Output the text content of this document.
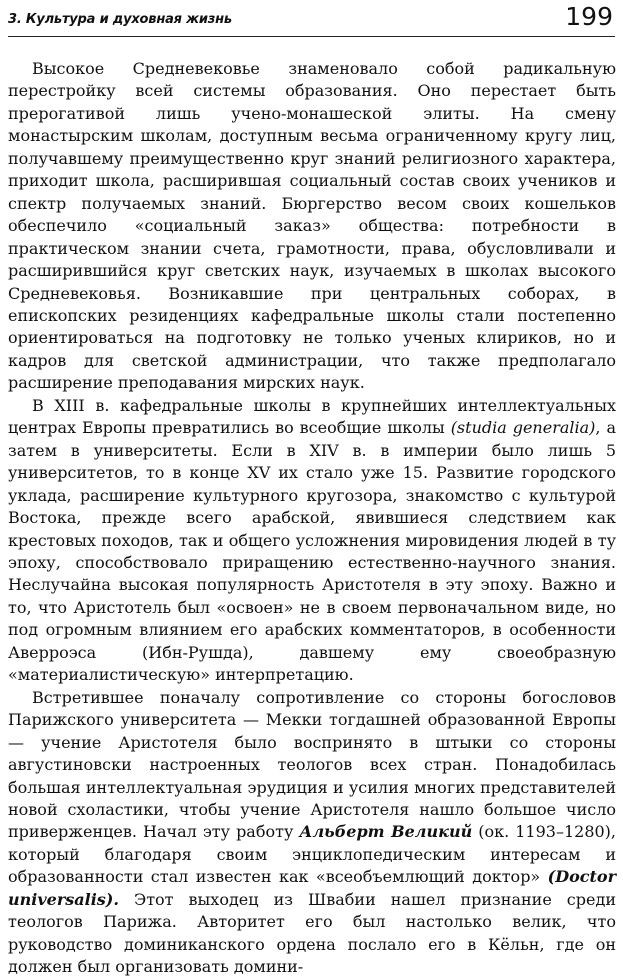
3. Культура и духовная жизнь	199

Высокое Средневековье знаменовало собой радикальную перестройку всей системы образования. Оно перестает быть прерогативой лишь учено-монашеской элиты. На смену монастырским школам, доступным весьма ограниченному кругу лиц, получавшему преимущественно круг знаний религиозного характера, приходит школа, расширившая социальный состав своих учеников и спектр получаемых знаний. Бюргерство весом своих кошельков обеспечило «социальный заказ» общества: потребности в практическом знании счета, грамотности, права, обусловливали и расширившийся круг светских наук, изучаемых в школах высокого Средневековья. Возникавшие при центральных соборах, в епископских резиденциях кафедральные школы стали постепенно ориентироваться на подготовку не только ученых клириков, но и кадров для светской администрации, что также предполагало расширение преподавания мирских наук.

В XIII в. кафедральные школы в крупнейших интеллектуальных центрах Европы превратились во всеобщие школы (studia generalia), а затем в университеты. Если в XIV в. в империи было лишь 5 университетов, то в конце XV их стало уже 15. Развитие городского уклада, расширение культурного кругозора, знакомство с культурой Востока, прежде всего арабской, явившиеся следствием как крестовых походов, так и общего усложнения мировидения людей в ту эпоху, способствовало приращению естественно-научного знания. Неслучайна высокая популярность Аристотеля в эту эпоху. Важно и то, что Аристотель был «освоен» не в своем первоначальном виде, но под огромным влиянием его арабских комментаторов, в особенности Аверроэса (Ибн-Рушда), давшему ему своеобразную «материалистическую» интерпретацию.

Встретившее поначалу сопротивление со стороны богословов Парижского университета — Мекки тогдашней образованной Европы — учение Аристотеля было воспринято в штыки со стороны августиновски настроенных теологов всех стран. Понадобилась большая интеллектуальная эрудиция и усилия многих представителей новой схоластики, чтобы учение Аристотеля нашло большое число приверженцев. Начал эту работу Альберт Великий (ок. 1193–1280), который благодаря своим энциклопедическим интересам и образованности стал известен как «всеобъемлющий доктор» (Doctor universalis). Этот выходец из Швабии нашел признание среди теологов Парижа. Авторитет его был настолько велик, что руководство доминиканского ордена послало его в Кёльн, где он должен был организовать домини-
